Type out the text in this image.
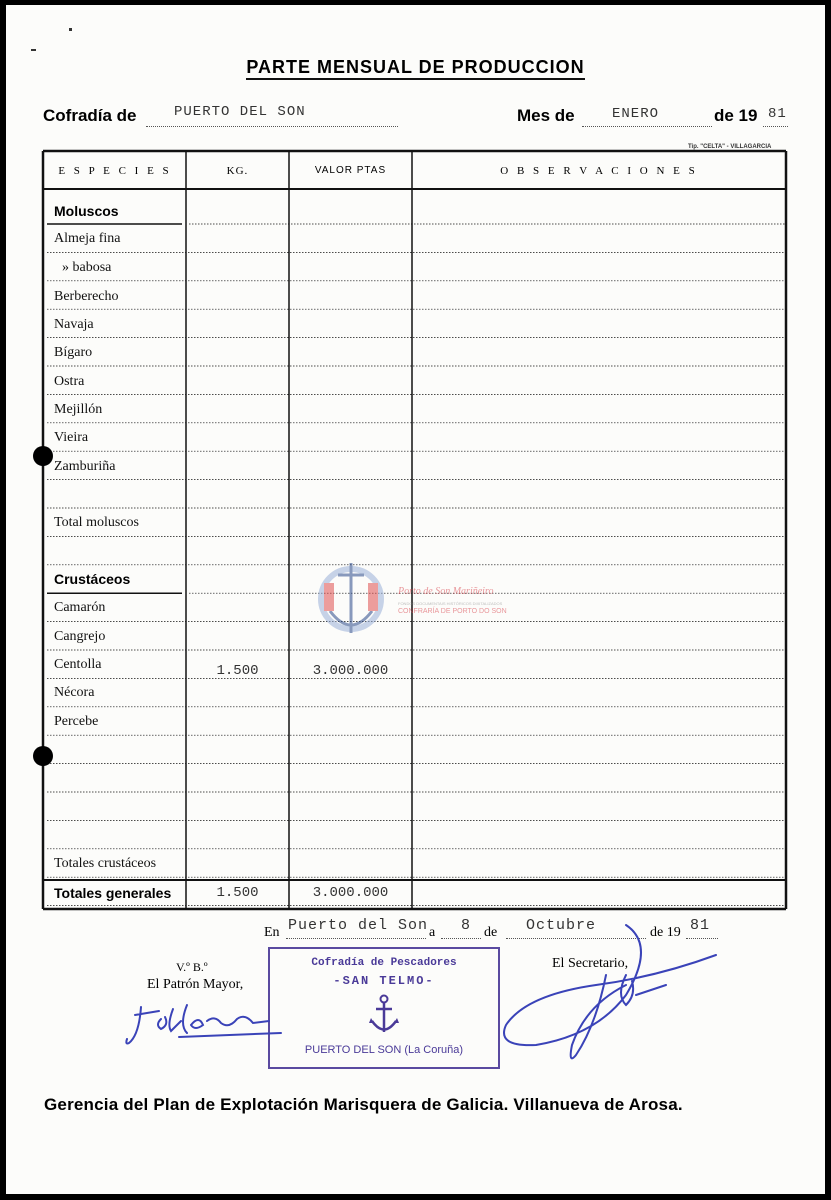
PARTE MENSUAL DE PRODUCCION
Cofradía de	PUERTO DEL SON	Mes de	ENERO	de 19 81
Tip. "CELTA" - VILLAGARCIA
E S P E C I E S	KG.	VALOR PTAS	O B S E R V A C I O N E S
Moluscos
Almeja fina
» babosa
Berberecho
Navaja
Bígaro
Ostra
Mejillón
Vieira
Zamburiña
Total moluscos
Crustáceos
Camarón
Cangrejo
Centolla	1.500	3.000.000
Nécora
Percebe
Totales crustáceos
Totales generales	1.500	3.000.000
Porto de Son Mariñeiro
FONDOS DOCUMENTAIS HISTÓRICOS DIXITALIZADOS
CONFRARÍA DE PORTO DO SON
En Puerto del Son a 8 de Octubre	de 19 81
V.º B.º
El Patrón Mayor,
El Secretario,
Cofradía de Pescadores
-SAN TELMO-
PUERTO DEL SON (La Coruña)
Gerencia del Plan de Explotación Marisquera de Galicia. Villanueva de Arosa.
